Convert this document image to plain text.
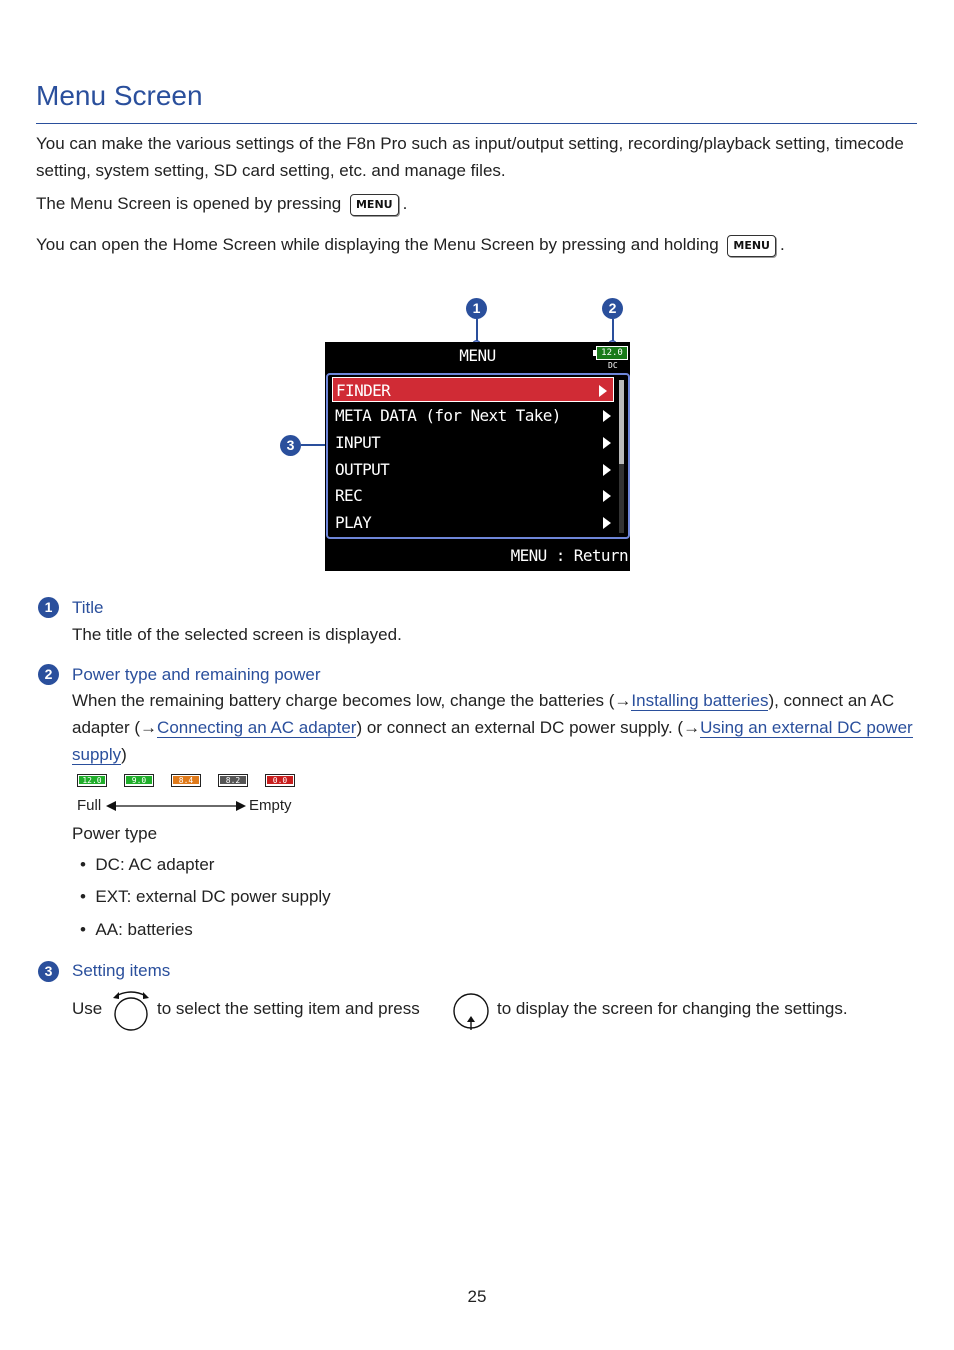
Menu Screen
You can make the various settings of the F8n Pro such as input/output setting, recording/playback setting, timecode setting, system setting, SD card setting, etc. and manage files.
The Menu Screen is opened by pressing MENU .
You can open the Home Screen while displaying the Menu Screen by pressing and holding MENU .
1	2
3
MENU	12.0
DC
FINDER
META DATA (for Next Take)
INPUT
OUTPUT
REC
PLAY
MENU : Return
1	Title
The title of the selected screen is displayed.
2	Power type and remaining power
When the remaining battery charge becomes low, change the batteries (→Installing batteries), connect an AC adapter (→Connecting an AC adapter) or connect an external DC power supply. (→Using an external DC power supply)
12.0	9.0	8.4	8.2	0.0
Full	Empty
Power type
•  DC: AC adapter
•  EXT: external DC power supply
•  AA: batteries
3	Setting items
Use	to select the setting item and press	to display the screen for changing the settings.
25
